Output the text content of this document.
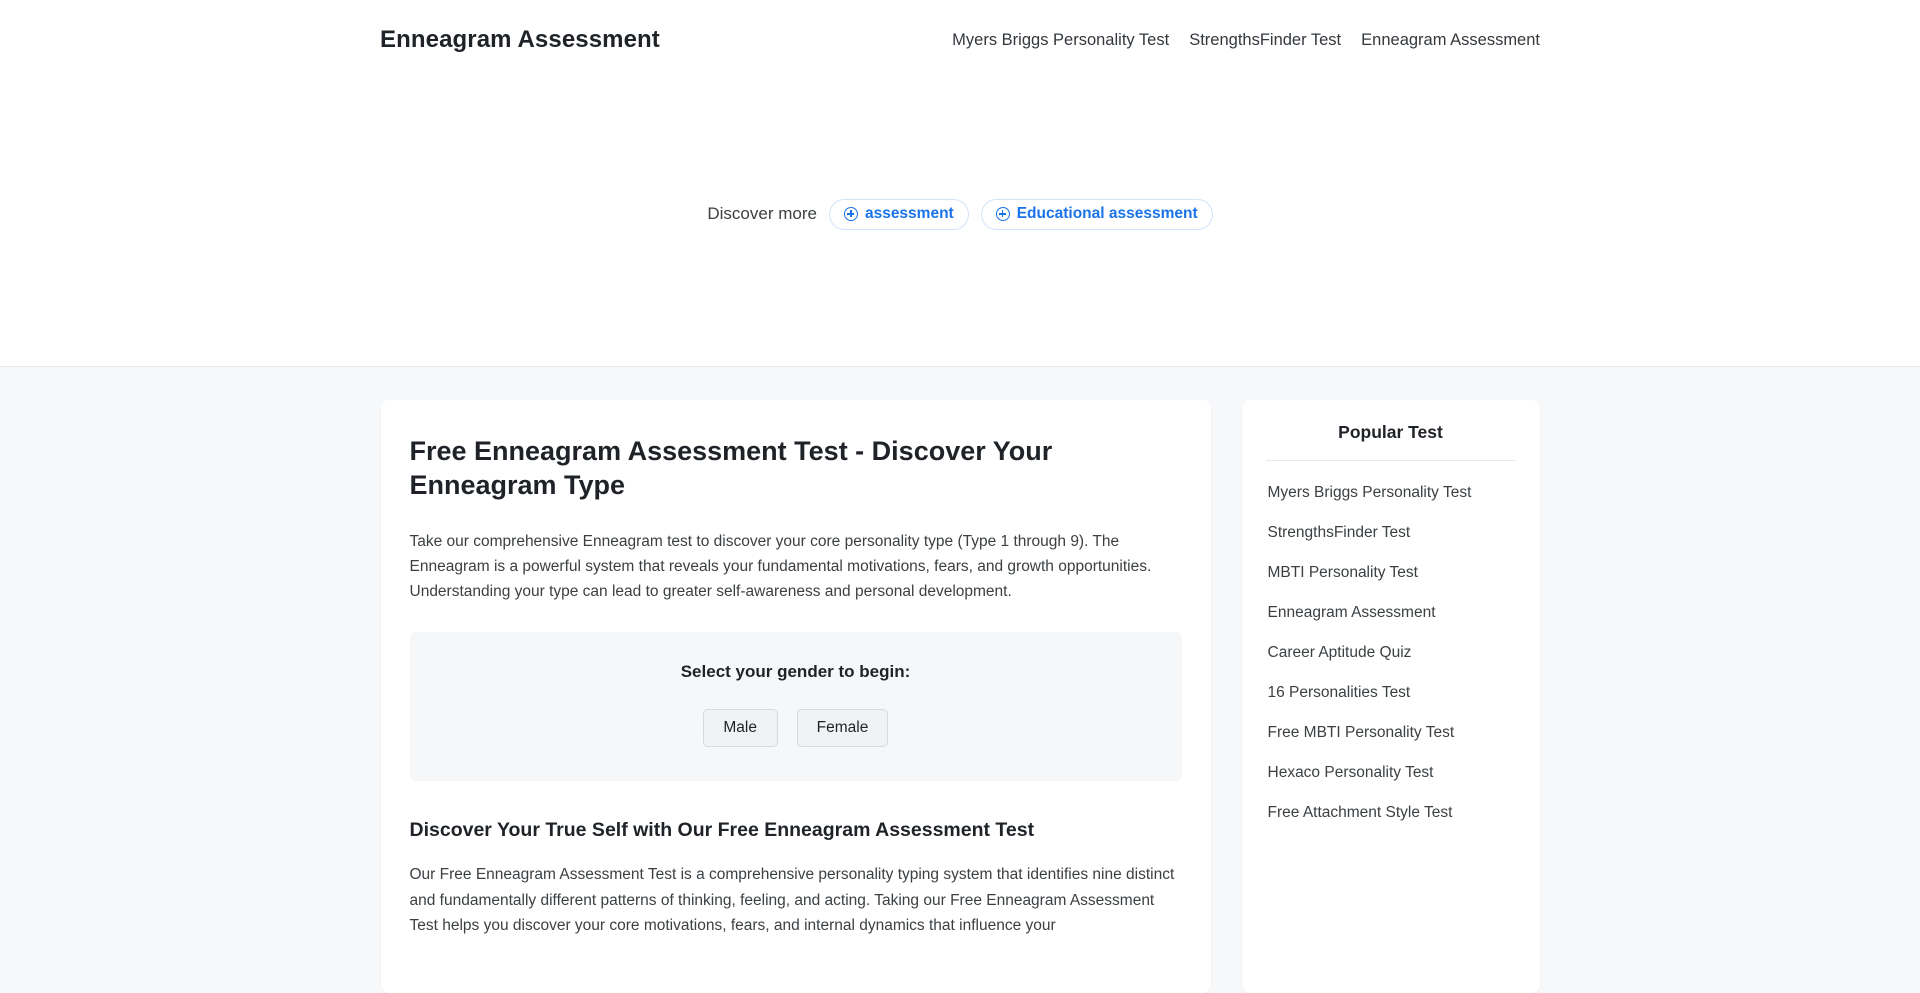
Enneagram Assessment	Myers Briggs Personality Test StrengthsFinder Test Enneagram Assessment
Discover more	assessment	Educational assessment
Free Enneagram Assessment Test - Discover Your Enneagram Type

Take our comprehensive Enneagram test to discover your core personality type (Type 1 through 9). The Enneagram is a powerful system that reveals your fundamental motivations, fears, and growth opportunities. Understanding your type can lead to greater self-awareness and personal development.

Select your gender to begin:
Male	Female
Discover Your True Self with Our Free Enneagram Assessment Test

Our Free Enneagram Assessment Test is a comprehensive personality typing system that identifies nine distinct and fundamentally different patterns of thinking, feeling, and acting. Taking our Free Enneagram Assessment Test helps you discover your core motivations, fears, and internal dynamics that influence your

Popular Test
Myers Briggs Personality Test
StrengthsFinder Test
MBTI Personality Test
Enneagram Assessment
Career Aptitude Quiz
16 Personalities Test
Free MBTI Personality Test
Hexaco Personality Test
Free Attachment Style Test
